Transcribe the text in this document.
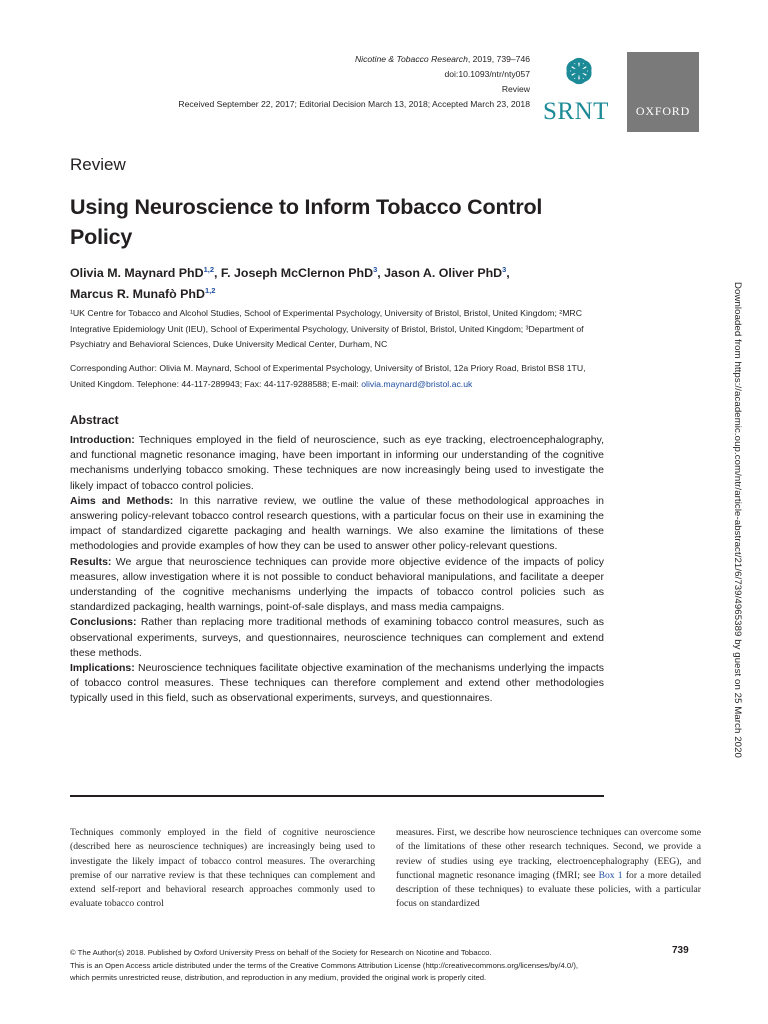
Nicotine & Tobacco Research, 2019, 739–746
doi:10.1093/ntr/nty057
Review
Received September 22, 2017; Editorial Decision March 13, 2018; Accepted March 23, 2018 SRNT	OXFORD
Review
Using Neuroscience to Inform Tobacco Control Policy
Olivia M. Maynard PhD$^{1,2}$, F. Joseph McClernon PhD$^3$, Jason A. Oliver PhD$^3$,
Marcus R. Munafò PhD$^{1,2}$
¹UK Centre for Tobacco and Alcohol Studies, School of Experimental Psychology, University of Bristol, Bristol, United Kingdom; ²MRC Integrative Epidemiology Unit (IEU), School of Experimental Psychology, University of Bristol, Bristol, United Kingdom; ³Department of Psychiatry and Behavioral Sciences, Duke University Medical Center, Durham, NC
Corresponding Author: Olivia M. Maynard, School of Experimental Psychology, University of Bristol, 12a Priory Road, Bristol BS8 1TU, United Kingdom. Telephone: 44-117-289943; Fax: 44-117-9288588; E-mail: olivia.maynard@bristol.ac.uk
Abstract

Introduction: Techniques employed in the field of neuroscience, such as eye tracking, electroencephalography, and functional magnetic resonance imaging, have been important in informing our understanding of the cognitive mechanisms underlying tobacco smoking. These techniques are now increasingly being used to investigate the likely impact of tobacco control policies.

Aims and Methods: In this narrative review, we outline the value of these methodological approaches in answering policy-relevant tobacco control research questions, with a particular focus on their use in examining the impact of standardized cigarette packaging and health warnings. We also examine the limitations of these methodologies and provide examples of how they can be used to answer other policy-relevant questions.

Results: We argue that neuroscience techniques can provide more objective evidence of the impacts of policy measures, allow investigation where it is not possible to conduct behavioral manipulations, and facilitate a deeper understanding of the cognitive mechanisms underlying the impacts of tobacco control policies such as standardized packaging, health warnings, point-of-sale displays, and mass media campaigns.

Conclusions: Rather than replacing more traditional methods of examining tobacco control measures, such as observational experiments, surveys, and questionnaires, neuroscience techniques can complement and extend these methods.

Implications: Neuroscience techniques facilitate objective examination of the mechanisms underlying the impacts of tobacco control measures. These techniques can therefore complement and extend other methodologies typically used in this field, such as observational experiments, surveys, and questionnaires.

Techniques commonly employed in the field of cognitive neuroscience (described here as neuroscience techniques) are increasingly being used to investigate the likely impact of tobacco control measures. The overarching premise of our narrative review is that these techniques can complement and extend self-report and behavioral research approaches commonly used to evaluate tobacco control
measures. First, we describe how neuroscience techniques can overcome some of the limitations of these other research techniques. Second, we provide a review of studies using eye tracking, electroencephalography (EEG), and functional magnetic resonance imaging (fMRI; see Box 1 for a more detailed description of these techniques) to evaluate these policies, with a particular focus on standardized
© The Author(s) 2018. Published by Oxford University Press on behalf of the Society for Research on Nicotine and Tobacco.
This is an Open Access article distributed under the terms of the Creative Commons Attribution License (http://creativecommons.org/licenses/by/4.0/),
which permits unrestricted reuse, distribution, and reproduction in any medium, provided the original work is properly cited.
739
Downloaded from https://academic.oup.com/ntr/article-abstract/21/6/739/4965389 by guest on 25 March 2020
